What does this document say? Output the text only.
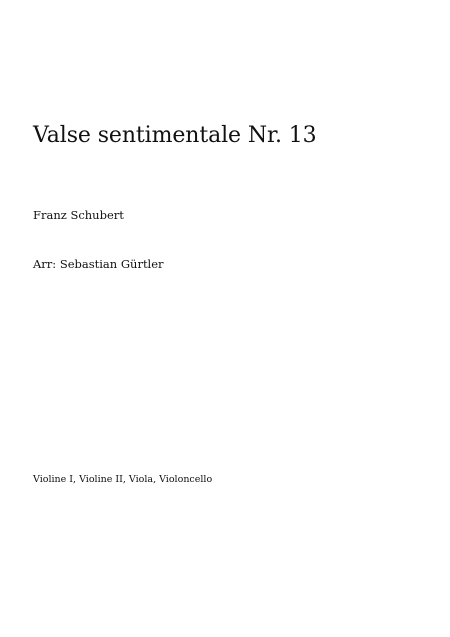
Valse sentimentale Nr. 13
Franz Schubert
Arr: Sebastian Gürtler
Violine I, Violine II, Viola, Violoncello
